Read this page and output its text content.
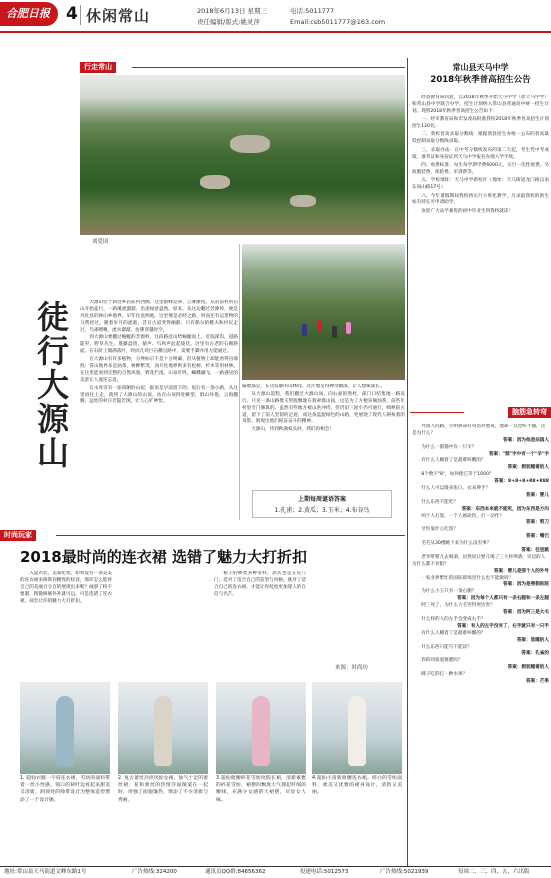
合肥日报 4 休闲常山	2018年6月13日 星期三
责任编辑/版式:姚灵萍
电话:5011777
Email:csb5011777@163.com
行走常山
刘爱国
徒行大源山	大源山位于新昌乡岩前村西侧。这里群峰竞翠，云雾缭绕，从岩前村的后山开始徒行，一路溪流潺潺，沿途绿意盎然。原来，从这边翻过芳源岭，便是丹化县的林山乡地界。早年往返两地，这里便是必经之路，时而还有运货物的马帮经过。随着岁月的流逝，昔日古道变得幽静，只有偶尔的樵夫和村民走过，鸟雀啁啾，流水潺潺，仿佛穿越时空。

到大源山要翻过蜿蜒的芳源岭，这段路沿山势蜿蜒而上，近临深沟，道路陡窄，野草丛生，蔓藤盘绕，猿声、鸟鸣声此起彼伏。这里有古老的石砌路面，在石阶上铺满落叶，时而几块巨石横亘路中，需要手脚并用方能通过。

在大源山有许多植物，分界标示不是十分明确，但从植物上却能看得出端倪：常山地界多是油茶、树种繁茂，而开化地界则多有松树、杉木等用材林。在这里能看到完整的自然风貌，野花烂漫，山泉叮咚，蝴蝶翩飞，一路遇见的美景让人流连忘返。

在水库旁有一座简陋的山屋，据说是早前留下的。屋后有一条小路，从这里再往上走，就到了大源山的山顶。站在山顶四处眺望，群山环抱，云海翻腾，远处的村庄若隐若现，让人心旷神怡。

遍地都是，在这寂静的山林间，这片地呈得神奇幽深，让人想味深长。

从大源山返程，我们翻过大源山岗，向右面的然村，部门口结集地一路返行。只见一条山路像玉带般飘逸在翡翠群山间，这是为了方便采摘油茶，前些年村里专门修筑的。虽然有些地方被山洪冲垮，但仍旧三轮车仍可通行，崎岖的古道，留下了前人坚韧的足迹，而这条盘旋绿色的山路，更展现了现代人朝执着的身影，展现出他们振奋奋斗的精神。

大源山，待到秋满枝头时，我们再相会！

上期每周谜语答案
1.孔雀；2.黄瓜；3.玉米；4.布谷鸟
时尚玩家
2018最时尚的连衣裙 选错了魅力大打折扣
入夏衣装，美靠化妆，如果没有一条美美的连衣裙来修饰你精致的妆容，那你怎么能将自己的美丽百分百的展现出来呢？画册了校不要紧，稍微修修补补就可以，可是选错了连衣裙，却会让你的魅力大打折扣。
裙子的种类多种多样，款式也是五花八门，选对了适合自己的造型与风格，挑对了适合自己的连衣裙，才能让你绽放更加迷人的自信与光芒。
来源：时尚坊
1. 超仙衣服一字肩连衣裙，雪纺的面料带着一丝小性感，领口的荷叶边看起来甜美又清新，洞颈处的帅带设计为整体造型增添了一个设计感。
2. 复古蕾丝冷淡风仙女裙，仙气十足的蕾丝裙，花和蕾丝的热情洋溢图案在一起时，用强了面貌廉热，增添了不少清新与秀丽。
3.超仙收腰碎花雪纺度假长裙，清新素雅的碎花雪纺，裙摆的飘逸大气撑起纤细的腰线，充满少女感的大裙摆，尽显女人味。
4.超仙小清新收腰连衣裙。碎白的雪纺面料，柔美又优雅的裙身设计，清新又美丽。
常山县天马中学
2018年秋季普高招生公告

经县教育局同意，自2018年秋季开始天马中学（原天马中学）和常山县中学联合办学，招生计划纳入常山县普通高中统一招生计划。现将2018年秋季普高招生公告如下：

一、经市教育局和市发改局批准我校2018年秋季普高招生计划招生120名。

二、我校普高录取分数线：根据我县招生办统一公布的普高最低控制录取分数线录取。

三、录取办法：在中考分数线发布的第二天起，考生凭中考成绩、准考证和身份证到天马中学报名办理入学手续。

四、收费标准：每生每学期学费6000元，实行一次性收费。另收服装费、保险费、军训费等。

五、学校地址：天马中学新校区（地址：天马街道龙门路以南东岗山路17号）

六、今年暑假期间我校将实行小班化教学，凡录取我校的新生如有特长可申请助学。

欢迎广大品学兼优的初中毕业生到我校就读！

脑筋急转弯
外国人问路，小明拼命有英语对他说，他却一点也听不懂，这是为什么？
答案：因为他是法国人
为什么一群猫中有一只羊？
答案："群"字中有一个"羊"字
有什么人睡着了是最难叫醒的？
答案：假装睡着的人
8个数字"8"，如何使它等于1000？
答案：8+8+8+88+888
什么人可以毁来张口，衣来伸手？
答案：婴儿
什么东西不能吃？
答案：东西本来就不能吃，因为东西是方向
两个人打架，一个人被砍伤，打一动作？
答案：剪刀
牙医靠什么吃饭？
答案：嘴巴
毛毛从30楼跳下来为什么没有事？
答案：往里跳
老李带婴儿去喝酒，居然说让婴儿喝了三大杯啤酒，旁边的人为什么都不劝阻？
答案：婴儿是那个人的外号
一家业界繁忙的国际即场里什么也不能做吗？
答案：因为是寒假医院
为什么小王只有一条右腿？
答案：因为每个人都只有一条右腿和一条左腿
阿三死了，为什么大毛哭得更厉害？
答案：因为阿三是大毛
什么样的人的左手会变成右手？
答案：有人的左手没有了，右手就只有一只手
有什么人睡着了是最难叫醒的？
答案：装睡的人
什么东西只能写不能读？
答案：孔雀的
你的同谁爱挑肥吗？
答案：假装睡着的人
眯子吃的打一种水果？
答案：芒果
地址:常山县天马街道文峰东路1号	广告热线:324200	通讯员QQ群:84656362	投递电话:5012573	广告热线:5021939	每周二、三、四、五、六出版
